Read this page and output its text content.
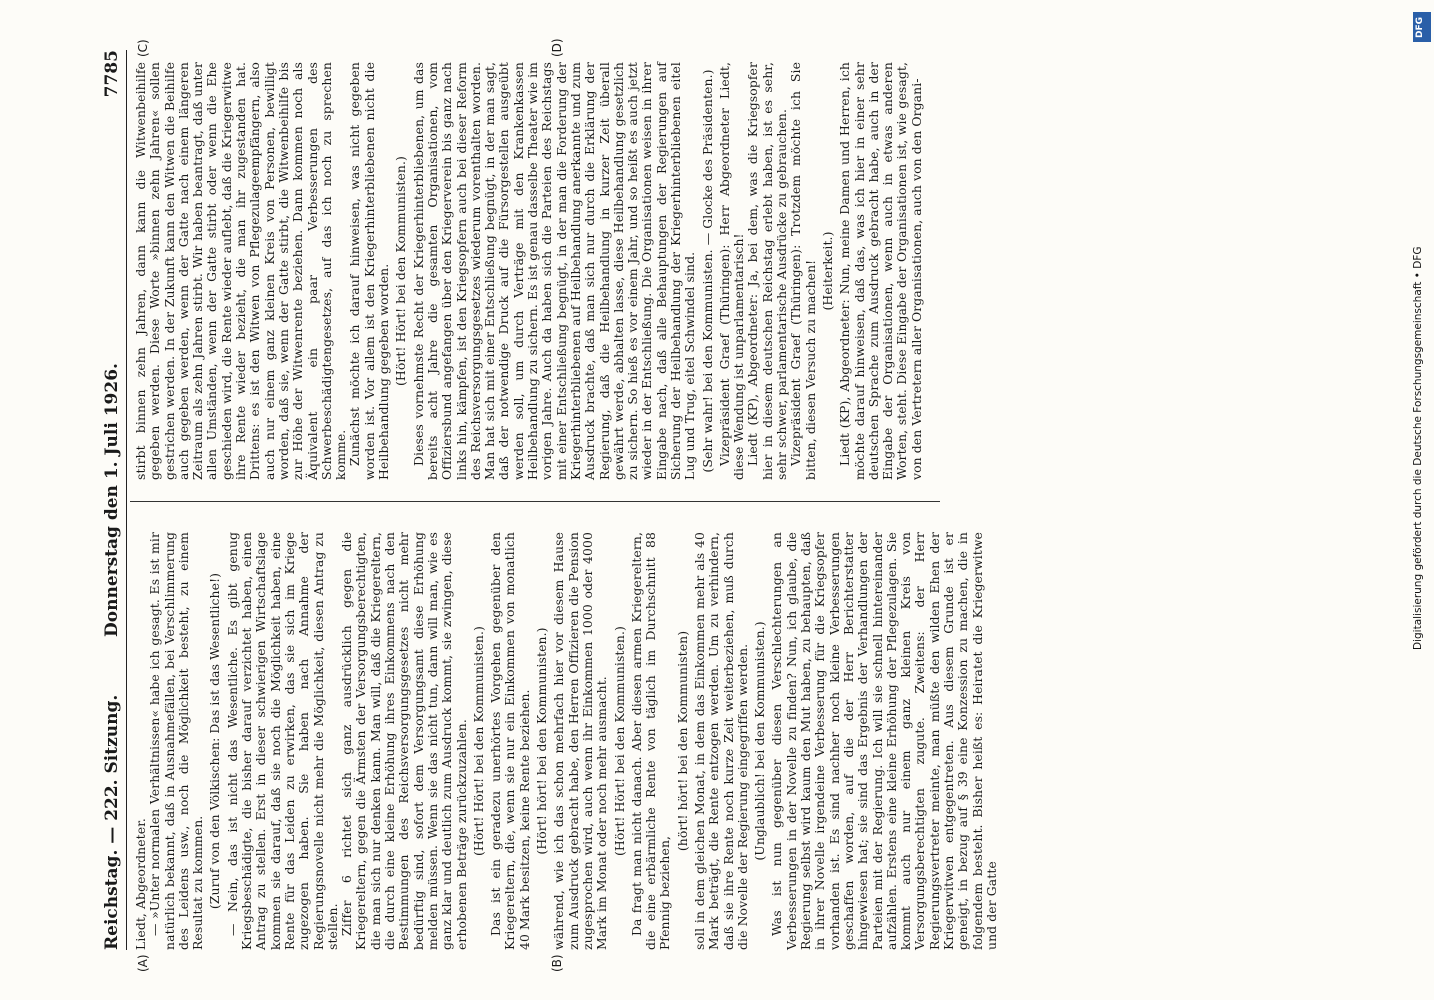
Reichstag. — 222. Sitzung.
Donnerstag den 1. Juli 1926.
7785
(A)	(B)
(C)	(D)

Liedt, Abgeordneter. — »Unter normalen Verhältnissen« habe ich gesagt. Es ist mir natürlich bekannt, daß in Ausnahmefällen, bei Verschlimmerung des Leidens usw., noch die Möglichkeit besteht, zu einem Resultat zu kommen. (Zuruf von den Völkischen: Das ist das Wesentliche!) — Nein, das ist nicht das Wesentliche. Es gibt genug Kriegsbeschädigte, die bisher darauf verzichtet haben, einen Antrag zu stellen. Erst in dieser schwierigen Wirtschaftslage kommen sie darauf, daß sie noch die Möglichkeit haben, eine Rente für das Leiden zu erwirken, das sie sich im Kriege zugezogen haben. Sie haben nach Annahme der Regierungsnovelle nicht mehr die Möglichkeit, diesen Antrag zu stellen. Ziffer 6 richtet sich ganz ausdrücklich gegen die Kriegereltern, gegen die Ärmsten der Versorgungsberechtigten, die man sich nur denken kann. Man will, daß die Kriegereltern, die durch eine kleine Erhöhung ihres Einkommens nach den Bestimmungen des Reichsversorgungsgesetzes nicht mehr bedürftig sind, sofort dem Versorgungsamt diese Erhöhung melden müssen. Wenn sie das nicht tun, dann will man, wie es ganz klar und deutlich zum Ausdruck kommt, sie zwingen, diese erhobenen Beträge zurückzuzahlen. (Hört! Hört! bei den Kommunisten.) Das ist ein geradezu unerhörtes Vorgehen gegenüber den Kriegereltern, die, wenn sie nur ein Einkommen von monatlich 40 Mark besitzen, keine Rente beziehen. (Hört! hört! bei den Kommunisten.) während, wie ich das schon mehrfach hier vor diesem Hause zum Ausdruck gebracht habe, den Herren Offizieren die Pension zugesprochen wird, auch wenn ihr Einkommen 1000 oder 4000 Mark im Monat oder noch mehr ausmacht. (Hört! Hört! bei den Kommunisten.) Da fragt man nicht danach. Aber diesen armen Kriegereltern, die eine erbärmliche Rente von täglich im Durchschnitt 88 Pfennig beziehen,

(hört! hört! bei den Kommunisten) soll in dem gleichen Monat, in dem das Einkommen mehr als 40 Mark beträgt, die Rente entzogen werden. Um zu verhindern, daß sie ihre Rente noch kurze Zeit weiterbeziehen, muß durch die Novelle der Regierung eingegriffen werden. (Unglaublich! bei den Kommunisten.) Was ist nun gegenüber diesen Verschlechterungen an Verbesserungen in der Novelle zu finden? Nun, ich glaube, die Regierung selbst wird kaum den Mut haben, zu behaupten, daß in ihrer Novelle irgendeine Verbesserung für die Kriegsopfer vorhanden ist. Es sind nachher noch kleine Verbesserungen geschaffen worden, auf die der Herr Berichterstatter hingewiesen hat; sie sind das Ergebnis der Verhandlungen der Parteien mit der Regierung. Ich will sie schnell hintereinander aufzählen. Erstens eine kleine Erhöhung der Pflegezulagen. Sie kommt auch nur einem ganz kleinen Kreis von Versorgungsberechtigten zugute. Zweitens: der Herr Regierungsvertreter meinte, man müßte den wilden Ehen der Kriegerwitwen entgegentreten. Aus diesem Grunde ist er geneigt, in bezug auf § 39 eine Konzession zu machen, die in folgendem besteht. Bisher heißt es: Heiratet die Kriegerwitwe und der Gatte

stirbt binnen zehn Jahren, dann kann die Witwenbeihilfe gegeben werden. Diese Worte »binnen zehn Jahren« sollen gestrichen werden. In der Zukunft kann den Witwen die Beihilfe auch gegeben werden, wenn der Gatte nach einem längeren Zeitraum als zehn Jahren stirbt. Wir haben beantragt, daß unter allen Umständen, wenn der Gatte stirbt oder wenn die Ehe geschieden wird, die Rente wieder auflebt, daß die Kriegerwitwe ihre Rente wieder bezieht, die man ihr zugestanden hat. Drittens: es ist den Witwen von Pflegezulageempfängern, also auch nur einem ganz kleinen Kreis von Personen, bewilligt worden, daß sie, wenn der Gatte stirbt, die Witwenbeihilfe bis zur Höhe der Witwenrente beziehen. Dann kommen noch als Äquivalent ein paar Verbesserungen des Schwerbeschädigtengesetzes, auf das ich noch zu sprechen komme. Zunächst möchte ich darauf hinweisen, was nicht gegeben worden ist. Vor allem ist den Kriegerhinterbliebenen nicht die Heilbehandlung gegeben worden. (Hört! Hört! bei den Kommunisten.) Dieses vornehmste Recht der Kriegerhinterbliebenen, um das bereits acht Jahre die gesamten Organisationen, vom Offiziersbund angefangen über den Kriegerverein bis ganz nach links hin, kämpfen, ist den Kriegsopfern auch bei dieser Reform des Reichsversorgungsgesetzes wiederum vorenthalten worden. Man hat sich mit einer Entschließung begnügt, in der man sagt, daß der notwendige Druck auf die Fürsorgestellen ausgeübt werden soll, um durch Verträge mit den Krankenkassen Heilbehandlung zu sichern. Es ist genau dasselbe Theater wie im vorigen Jahre. Auch da haben sich die Parteien des Reichstags mit einer Entschließung begnügt, in der man die Forderung der Kriegerhinterbliebenen auf Heilbehandlung anerkannte und zum Ausdruck brachte, daß man sich nur durch die Erklärung der Regierung, daß die Heilbehandlung in kurzer Zeit überall gewährt werde, abhalten lasse, diese Heilbehandlung gesetzlich zu sichern. So hieß es vor einem Jahr, und so heißt es auch jetzt wieder in der Entschließung. Die Organisationen weisen in ihrer Eingabe nach, daß alle Behauptungen der Regierungen auf Sicherung der Heilbehandlung der Kriegerhinterbliebenen eitel Lug und Trug, eitel Schwindel sind. (Sehr wahr! bei den Kommunisten. — Glocke des Präsidenten.) Vizepräsident Graef (Thüringen): Herr Abgeordneter Liedt, diese Wendung ist unparlamentarisch! Liedt (KP), Abgeordneter: Ja, bei dem, was die Kriegsopfer hier in diesem deutschen Reichstag erlebt haben, ist es sehr, sehr schwer, parlamentarische Ausdrücke zu gebrauchen. Vizepräsident Graef (Thüringen): Trotzdem möchte ich Sie bitten, diesen Versuch zu machen! (Heiterkeit.) Liedt (KP), Abgeordneter: Nun, meine Damen und Herren, ich möchte darauf hinweisen, daß das, was ich hier in einer sehr deutschen Sprache zum Ausdruck gebracht habe, auch in der Eingabe der Organisationen, wenn auch in etwas anderen Worten, steht. Diese Eingabe der Organisationen ist, wie gesagt, von den Vertretern aller Organisationen, auch von den Organi-

DFG
Digitalisierung gefördert durch die Deutsche Forschungsgemeinschaft • DFG
